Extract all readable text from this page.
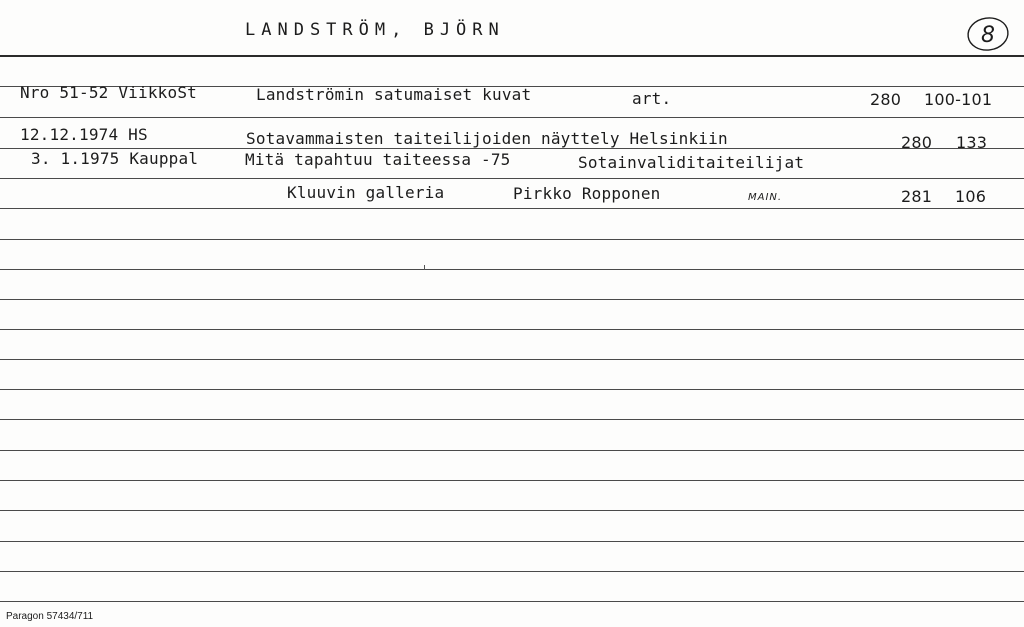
LANDSTRÖM, BJÖRN	8
Nro 51-52 ViikkoSt	Landströmin satumaiset kuvat	art.	280 100-101
12.12.1974 HS	Sotavammaisten taiteilijoiden näyttely Helsinkiin	280 133
3. 1.1975 Kauppal	Mitä tapahtuu taiteessa -75	Sotainvaliditaiteilijat
Kluuvin galleria	Pirkko Ropponen	MAIN.	281 106
Paragon 57434/711
